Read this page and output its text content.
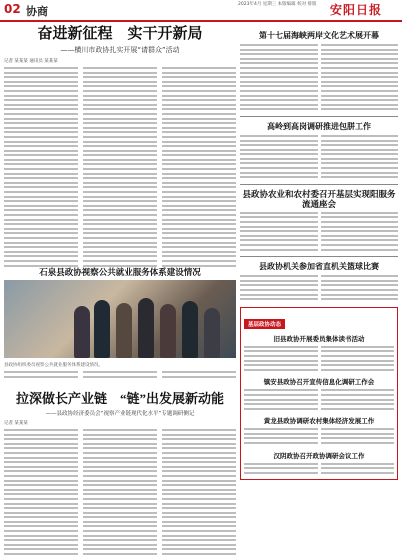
02 协商
2023年4月 星期三 本版编辑 校对 排版	安阳日报
奋进新征程　实干开新局
——横川市政协扎实开展“请群众”活动
记者 某某某 通讯员 某某某
石泉县政协视察公共就业服务体系建设情况
县政协组织委员视察公共就业服务体系建设情况。
拉深做长产业链　“链”出发展新动能
——县政协经济委员会“视察产业链现代化水平”专题调研侧记
记者 某某某
第十七届海峡两岸文化艺术展开幕
高岭到高岗调研推进包胼工作
县政协农业和农村委召开基层实现阳服务流通座会
县政协机关参加省直机关篮球比赛
基层政协动态
旧县政协开展委员集体读书活动
镇安县政协召开宣传信息化调研工作会
黄龙县政协调研农村集体经济发展工作
汉阴政协召开政协调研会议工作
